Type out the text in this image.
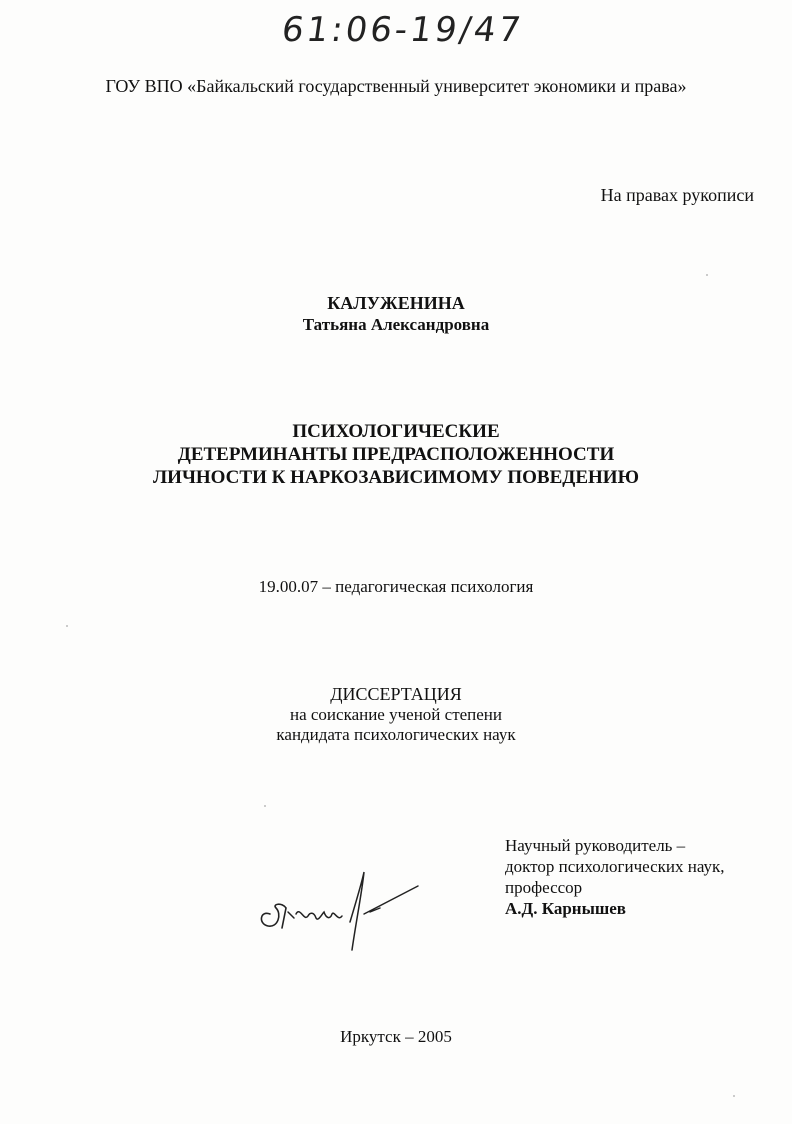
61:06-19/47
ГОУ ВПО «Байкальский государственный университет экономики и права»
На правах рукописи
КАЛУЖЕНИНА
Татьяна Александровна
ПСИХОЛОГИЧЕСКИЕ
ДЕТЕРМИНАНТЫ ПРЕДРАСПОЛОЖЕННОСТИ
ЛИЧНОСТИ К НАРКОЗАВИСИМОМУ ПОВЕДЕНИЮ
19.00.07 – педагогическая психология
ДИССЕРТАЦИЯ
на соискание ученой степени
кандидата психологических наук
Научный руководитель –
доктор психологических наук,
профессор
А.Д. Карнышев
Иркутск – 2005
